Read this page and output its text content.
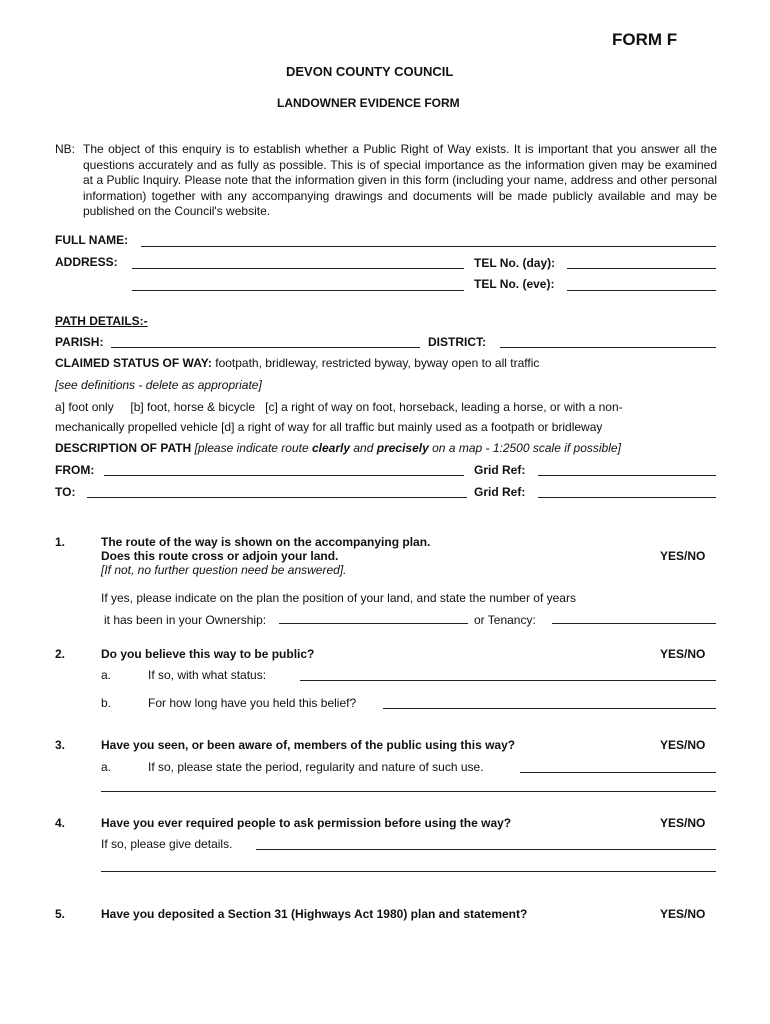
FORM F
DEVON COUNTY COUNCIL
LANDOWNER EVIDENCE FORM
NB: The object of this enquiry is to establish whether a Public Right of Way exists. It is important that you answer all the questions accurately and as fully as possible. This is of special importance as the information given may be examined at a Public Inquiry. Please note that the information given in this form (including your name, address and other personal information) together with any accompanying drawings and documents will be made publicly available and may be published on the Council's website.
FULL NAME:
ADDRESS:	TEL No. (day):
TEL No. (eve):
PATH DETAILS:-
PARISH:	DISTRICT:
CLAIMED STATUS OF WAY: footpath, bridleway, restricted byway, byway open to all traffic
[see definitions - delete as appropriate]
a] foot only     [b] foot, horse & bicycle   [c] a right of way on foot, horseback, leading a horse, or with a non-
mechanically propelled vehicle [d] a right of way for all traffic but mainly used as a footpath or bridleway
DESCRIPTION OF PATH [please indicate route clearly and precisely on a map - 1:2500 scale if possible]
FROM:	Grid Ref:
TO:	Grid Ref:
1.	The route of the way is shown on the accompanying plan.
Does this route cross or adjoin your land.
[If not, no further question need be answered].
YES/NO
If yes, please indicate on the plan the position of your land, and state the number of years
it has been in your Ownership:	or Tenancy:
2.	Do you believe this way to be public?	YES/NO
a.	If so, with what status:
b.	For how long have you held this belief?
3.	Have you seen, or been aware of, members of the public using this way?	YES/NO
a.	If so, please state the period, regularity and nature of such use.
4.	Have you ever required people to ask permission before using the way?	YES/NO
If so, please give details.
5.	Have you deposited a Section 31 (Highways Act 1980) plan and statement?	YES/NO
